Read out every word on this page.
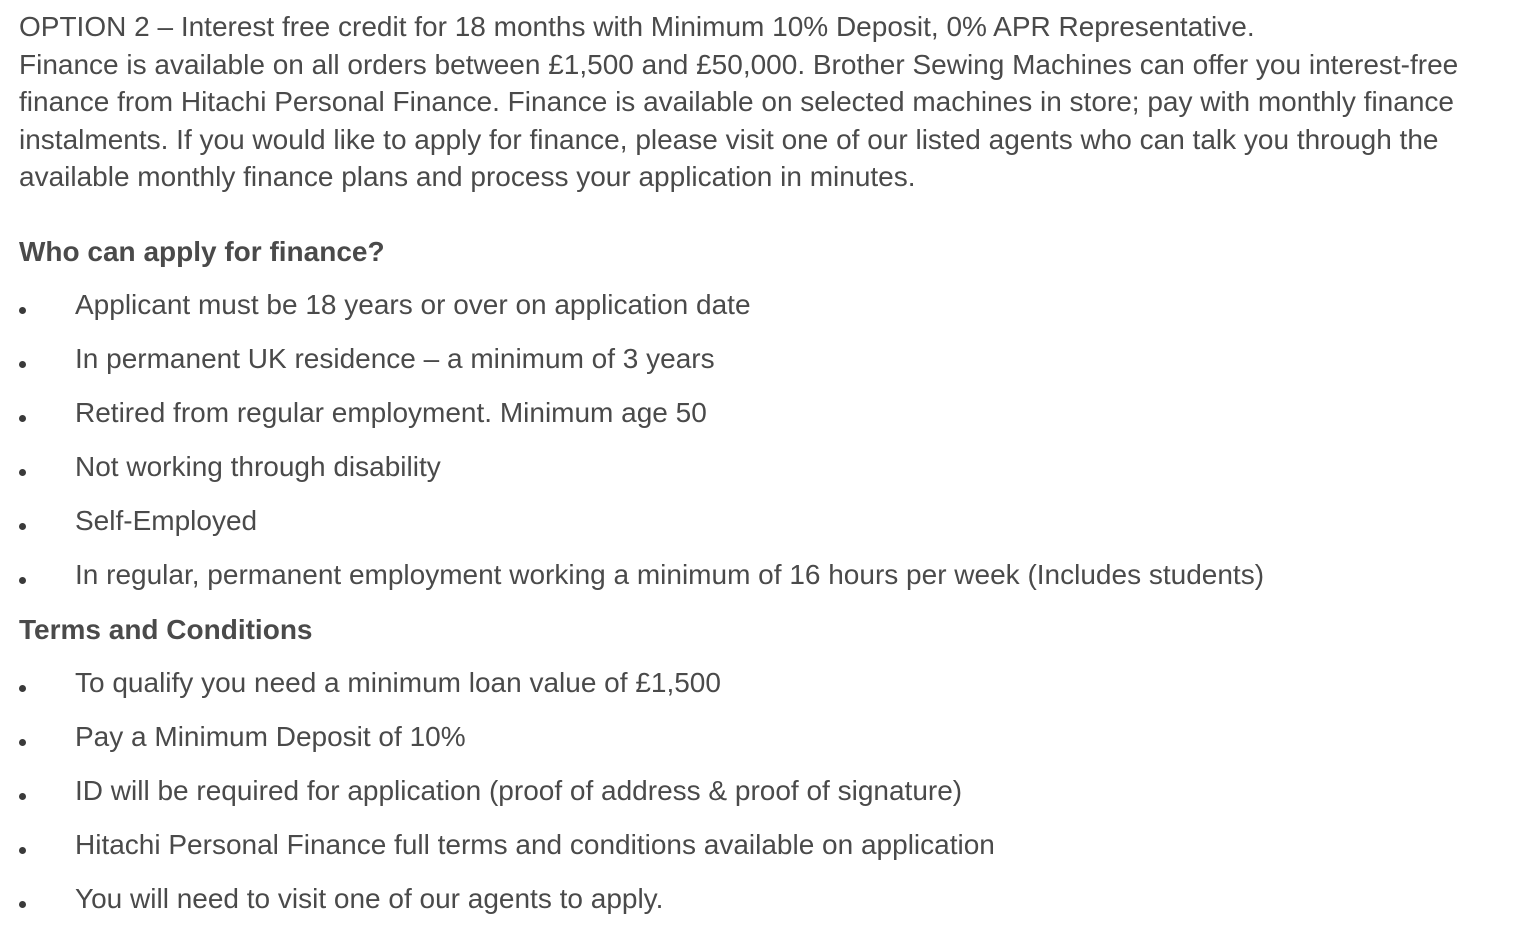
OPTION 2 – Interest free credit for 18 months with Minimum 10% Deposit, 0% APR Representative.
Finance is available on all orders between £1,500 and £50,000. Brother Sewing Machines can offer you interest-free finance from Hitachi Personal Finance. Finance is available on selected machines in store; pay with monthly finance instalments. If you would like to apply for finance, please visit one of our listed agents who can talk you through the available monthly finance plans and process your application in minutes.

Who can apply for finance?
Applicant must be 18 years or over on application date
In permanent UK residence – a minimum of 3 years
Retired from regular employment. Minimum age 50
Not working through disability
Self-Employed
In regular, permanent employment working a minimum of 16 hours per week (Includes students)
Terms and Conditions
To qualify you need a minimum loan value of £1,500
Pay a Minimum Deposit of 10%
ID will be required for application (proof of address & proof of signature)
Hitachi Personal Finance full terms and conditions available on application
You will need to visit one of our agents to apply.
